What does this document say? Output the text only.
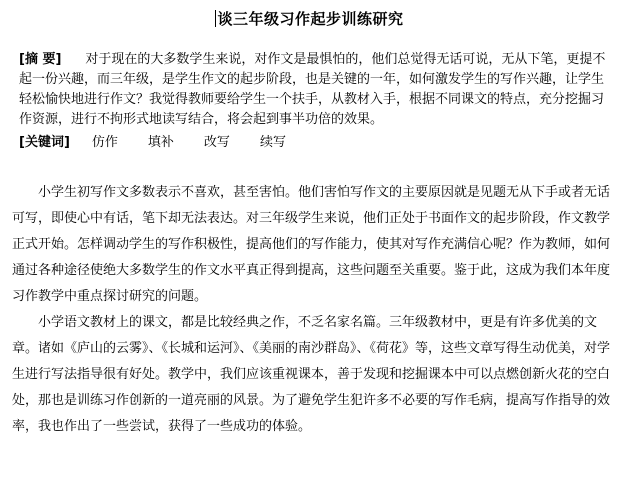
谈三年级习作起步训练研究
[摘 要] 对于现在的大多数学生来说，对作文是最惧怕的，他们总觉得无话可说，无从下笔，更提不起一份兴趣，而三年级，是学生作文的起步阶段，也是关键的一年，如何激发学生的写作兴趣，让学生轻松愉快地进行作文？我觉得教师要给学生一个扶手，从教材入手，根据不同课文的特点，充分挖掘习作资源，进行不拘形式地读写结合，将会起到事半功倍的效果。
[关键词] 仿作 填补 改写 续写

小学生初写作文多数表示不喜欢，甚至害怕。他们害怕写作文的主要原因就是见题无从下手或者无话可写，即使心中有话，笔下却无法表达。对三年级学生来说，他们正处于书面作文的起步阶段，作文教学正式开始。怎样调动学生的写作积极性，提高他们的写作能力，使其对写作充满信心呢？作为教师，如何通过各种途径使绝大多数学生的作文水平真正得到提高，这些问题至关重要。鉴于此，这成为我们本年度习作教学中重点探讨研究的问题。

小学语文教材上的课文，都是比较经典之作，不乏名家名篇。三年级教材中，更是有许多优美的文章。诸如《庐山的云雾》、《长城和运河》、《美丽的南沙群岛》、《荷花》等，这些文章写得生动优美，对学生进行写法指导很有好处。教学中，我们应该重视课本，善于发现和挖掘课本中可以点燃创新火花的空白处，那也是训练习作创新的一道亮丽的风景。为了避免学生犯许多不必要的写作毛病，提高写作指导的效率，我也作出了一些尝试，获得了一些成功的体验。
